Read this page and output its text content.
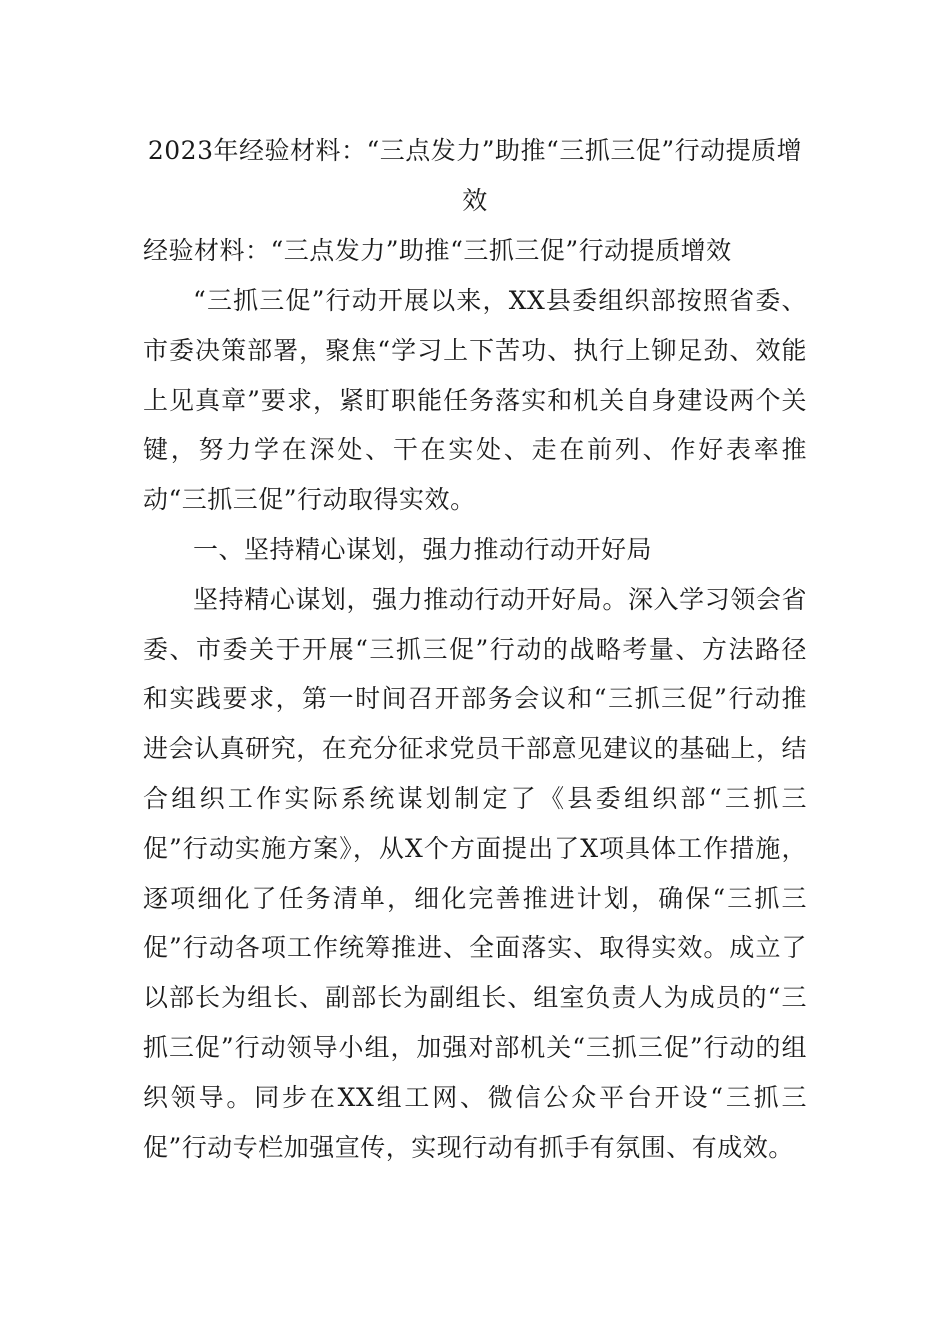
2023年经验材料：“三点发力”助推“三抓三促”行动提质增效

经验材料：“三点发力”助推“三抓三促”行动提质增效

“三抓三促”行动开展以来，XX县委组织部按照省委、市委决策部署，聚焦“学习上下苦功、执行上铆足劲、效能上见真章”要求，紧盯职能任务落实和机关自身建设两个关键，努力学在深处、干在实处、走在前列、作好表率推动“三抓三促”行动取得实效。

一、坚持精心谋划，强力推动行动开好局

坚持精心谋划，强力推动行动开好局。深入学习领会省委、市委关于开展“三抓三促”行动的战略考量、方法路径和实践要求，第一时间召开部务会议和“三抓三促”行动推进会认真研究，在充分征求党员干部意见建议的基础上，结合组织工作实际系统谋划制定了《县委组织部“三抓三促”行动实施方案》，从X个方面提出了X项具体工作措施，逐项细化了任务清单，细化完善推进计划，确保“三抓三促”行动各项工作统筹推进、全面落实、取得实效。成立了以部长为组长、副部长为副组长、组室负责人为成员的“三抓三促”行动领导小组，加强对部机关“三抓三促”行动的组织领导。同步在XX组工网、微信公众平台开设“三抓三促”行动专栏加强宣传，实现行动有抓手有氛围、有成效。
